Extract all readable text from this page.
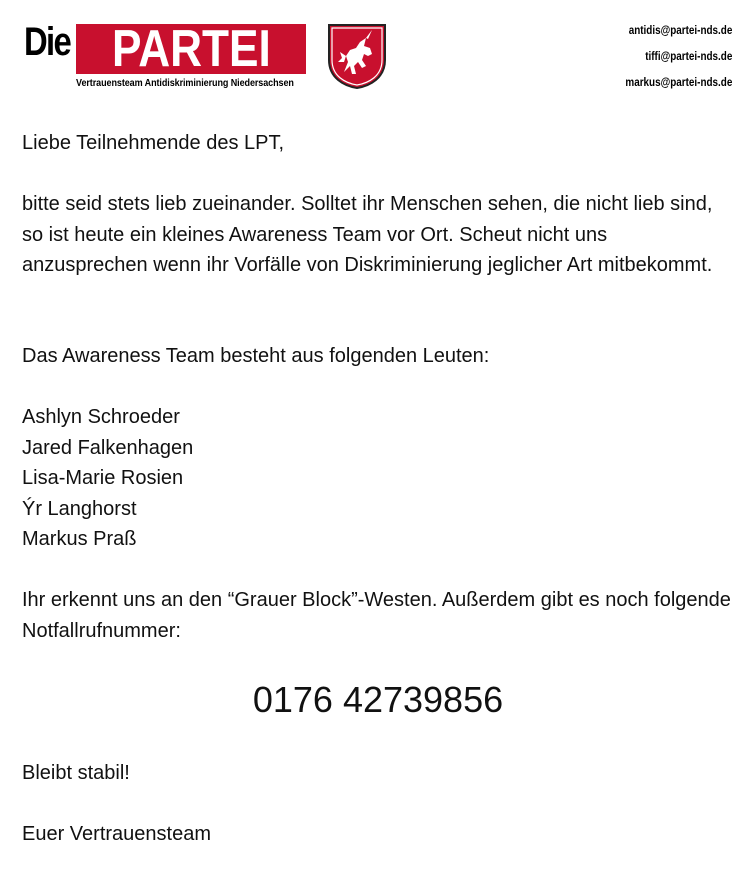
Die PARTEI
Vertrauensteam Antidiskriminierung Niedersachsen
antidis@partei-nds.de
tiffi@partei-nds.de
markus@partei-nds.de
Liebe Teilnehmende des LPT,
bitte seid stets lieb zueinander. Solltet ihr Menschen sehen, die nicht lieb sind, so ist heute ein kleines Awareness Team vor Ort. Scheut nicht uns anzusprechen wenn ihr Vorfälle von Diskriminierung jeglicher Art mitbekommt.
Das Awareness Team besteht aus folgenden Leuten:
Ashlyn Schroeder
Jared Falkenhagen
Lisa-Marie Rosien
Ýr Langhorst
Markus Praß
Ihr erkennt uns an den “Grauer Block”-Westen. Außerdem gibt es noch folgende Notfallrufnummer:
0176 42739856
Bleibt stabil!
Euer Vertrauensteam
